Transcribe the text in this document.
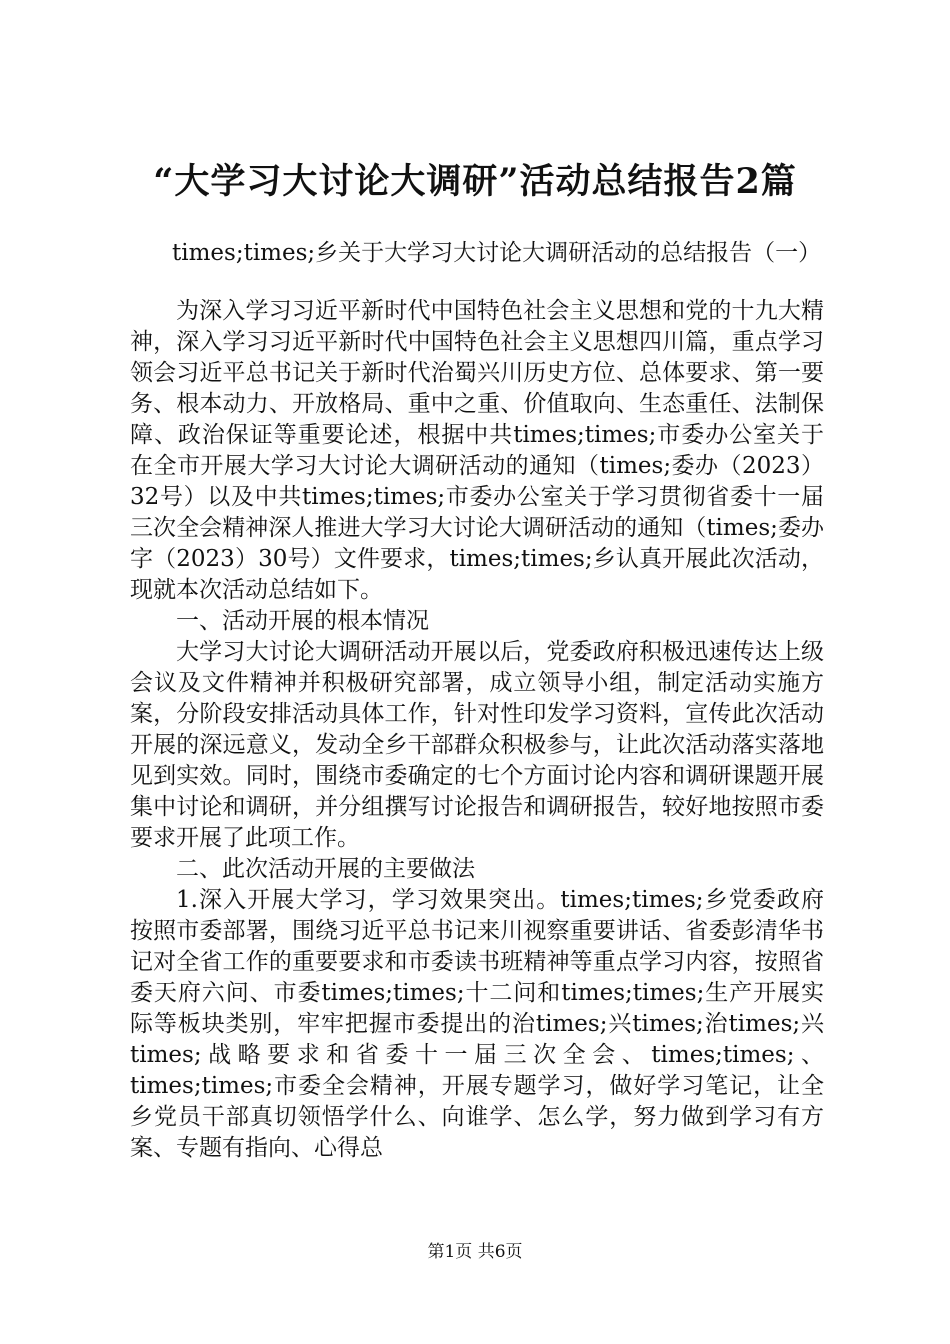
“大学习大讨论大调研”活动总结报告2篇
times;times;乡关于大学习大讨论大调研活动的总结报告（一）

为深入学习习近平新时代中国特色社会主义思想和党的十九大精神，深入学习习近平新时代中国特色社会主义思想四川篇，重点学习领会习近平总书记关于新时代治蜀兴川历史方位、总体要求、第一要务、根本动力、开放格局、重中之重、价值取向、生态重任、法制保障、政治保证等重要论述，根据中共times;times;市委办公室关于在全市开展大学习大讨论大调研活动的通知（times;委办（2023）32号）以及中共times;times;市委办公室关于学习贯彻省委十一届三次全会精神深人推进大学习大讨论大调研活动的通知（times;委办字（2023）30号）文件要求，times;times;乡认真开展此次活动，现就本次活动总结如下。

一、活动开展的根本情况

大学习大讨论大调研活动开展以后，党委政府积极迅速传达上级会议及文件精神并积极研究部署，成立领导小组，制定活动实施方案，分阶段安排活动具体工作，针对性印发学习资料，宣传此次活动开展的深远意义，发动全乡干部群众积极参与，让此次活动落实落地见到实效。同时，围绕市委确定的七个方面讨论内容和调研课题开展集中讨论和调研，并分组撰写讨论报告和调研报告，较好地按照市委要求开展了此项工作。

二、此次活动开展的主要做法

1.深入开展大学习，学习效果突出。times;times;乡党委政府按照市委部署，围绕习近平总书记来川视察重要讲话、省委彭清华书记对全省工作的重要要求和市委读书班精神等重点学习内容，按照省委天府六问、市委times;times;十二问和times;times;生产开展实际等板块类别，牢牢把握市委提出的治times;兴times;治times;兴times;战略要求和省委十一届三次全会、times;times;、times;times;市委全会精神，开展专题学习，做好学习笔记，让全乡党员干部真切领悟学什么、向谁学、怎么学，努力做到学习有方案、专题有指向、心得总

第1页 共6页
